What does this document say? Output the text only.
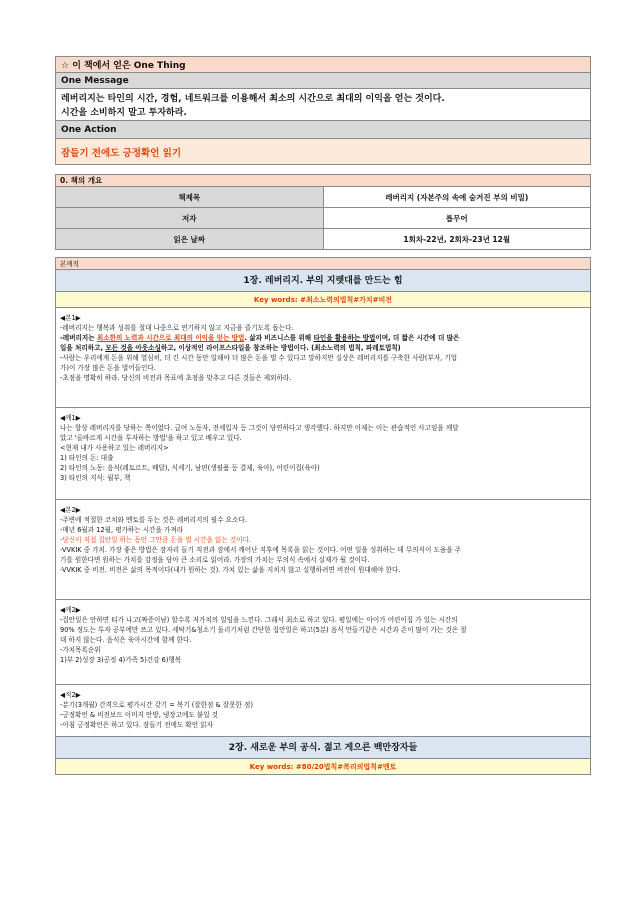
☆ 이 책에서 얻은 One Thing
One Message

레버리지는 타인의 시간, 경험, 네트워크를 이용해서 최소의 시간으로 최대의 이익을 얻는 것이다.
시간을 소비하지 말고 투자하라.

One Action
잠들기 전에도 긍정확언 읽기
0. 책의 개요	
책제목	레버리지 (자본주의 속에 숨겨진 부의 비밀)
저자	롭무어
읽은 날짜	1회차-22년, 2회차-23년 12월
본깨적
1장. 레버리지. 부의 지렛대를 만드는 힘
Key words: #최소노력의법칙#가치#비전

◀본1▶
-레버리지는 행복과 성취를 절대 나중으로 연기하지 않고 지금을 즐기도록 돕는다.
-레버리지는 최소한의 노력과 시간으로 최대의 이익을 얻는 방법. 삶과 비즈니스를 위해 타인을 활용하는 방법이며, 더 짧은 시간에 더 많은
일을 처리하고, 모든 것을 아웃소싱하고, 이상적인 라이프스타일을 창조하는 방법이다. (최소노력의 법칙, 파레토법칙)
-사람는 우리에게 돈을 위해 열심히, 더 긴 시간 동안 일해야 더 많은 돈을 벌 수 있다고 말하지만 실상은 레버리지를 구축한 사람(부자, 기업
가)이 가장 많은 돈을 벌어들인다.
-초점을 명확히 하라. 당신의 비전과 목표에 초점을 맞추고 다른 것들은 제외하라.

◀깨1▶
나는 항상 레버리지를 당하는 쪽이었다. 급여 노동자, 전세입자 등 그것이 당연하다고 생각했다. 하지만 이제는 이는 관습적인 사고임을 깨달
았고 '올바르게 시간을 투자하는 방법'을 하고 있고 배우고 있다.
<현재 내가 사용하고 있는 레버리지>
1) 타인의 돈: 대출
2) 타인의 노동: 음식(레토르트, 배달), 식세기, 남편(생필품 등 결제, 육아), 어린이집(육아)
3) 타인의 지식: 월부, 책

◀본2▶
-주변에 적절한 코치와 멘토를 두는 것은 레버리지의 필수 요소다.
-매년 6월과 12월, 평가하는 시간을 가져라
-당신이 직접 집안일 하는 동안 그만큼 돈을 벌 시간을 잃는 것이다.
-VVKIK 중 가치. 가장 좋은 방법은 잠자리 들기 직전과 잠에서 깨어난 직후에 목록을 읽는 것이다. 어떤 일을 성취하는 데 무의식이 도움을 주
기를 원한다면 원하는 가치를 감정을 담아 큰 소리로 읽어라. 가장의 가치는 무의식 속에서 실재가 될 것이다.
-VVKIK 중 비전. 비전은 삶의 목적이다(내가 원하는 것). 가치 있는 삶을 지치지 않고 실행하려면 비전이 원대해야 한다.

◀깨2▶
-집안일은 안하면 티가 나고(짜증이남) 할수록 저가치의 일임을 느낀다. 그래서 최소로 하고 있다. 평일에는 아이가 어린이집 가 있는 시간의
90% 정도는 투자 공부에만 쓰고 있다. 세탁기&청소기 돌리기처럼 간단한 집안일은 하고(5분) 음식 만들기같은 시간과 손이 많이 가는 것은 절
대 하지 않는다. 음식은 육아시간에 함께 한다.
-가치목록순위
1)부 2)성장 3)공정 4)가족 5)건강 6)행복

◀적2▶
-분기(3개월) 간격으로 평가시간 갖기 = 복기 (잘한점 & 잘못한 점)
-긍정확언 & 비전보드 이미지 안방, 냉장고에도 붙일 것
-아침 긍정확언은 하고 있다. 잠들기 전에도 확언 읽자

2장. 새로운 부의 공식. 젊고 게으른 백만장자들
Key words: #80/20법칙#복리의법칙#멘토
